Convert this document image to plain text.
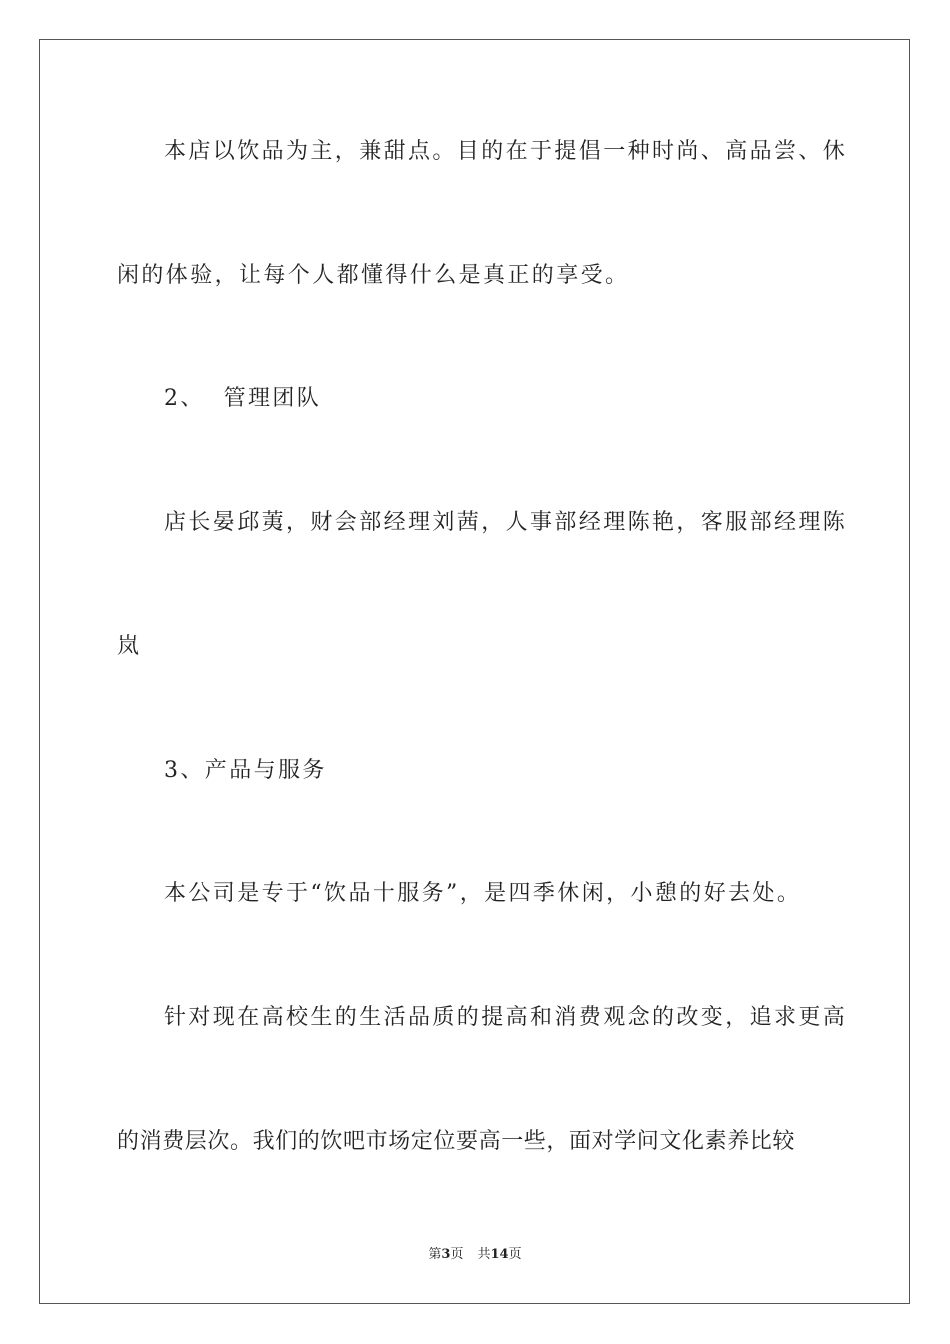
本店以饮品为主，兼甜点。目的在于提倡一种时尚、高品尝、休
闲的体验，让每个人都懂得什么是真正的享受。
2、  管理团队
店长晏邱荑，财会部经理刘茜，人事部经理陈艳，客服部经理陈
岚
3、产品与服务
本公司是专于“饮品十服务”，是四季休闲，小憩的好去处。
针对现在高校生的生活品质的提高和消费观念的改变，追求更高
的消费层次。我们的饮吧市场定位要高一些，面对学问文化素养比较
第3页 共14页
